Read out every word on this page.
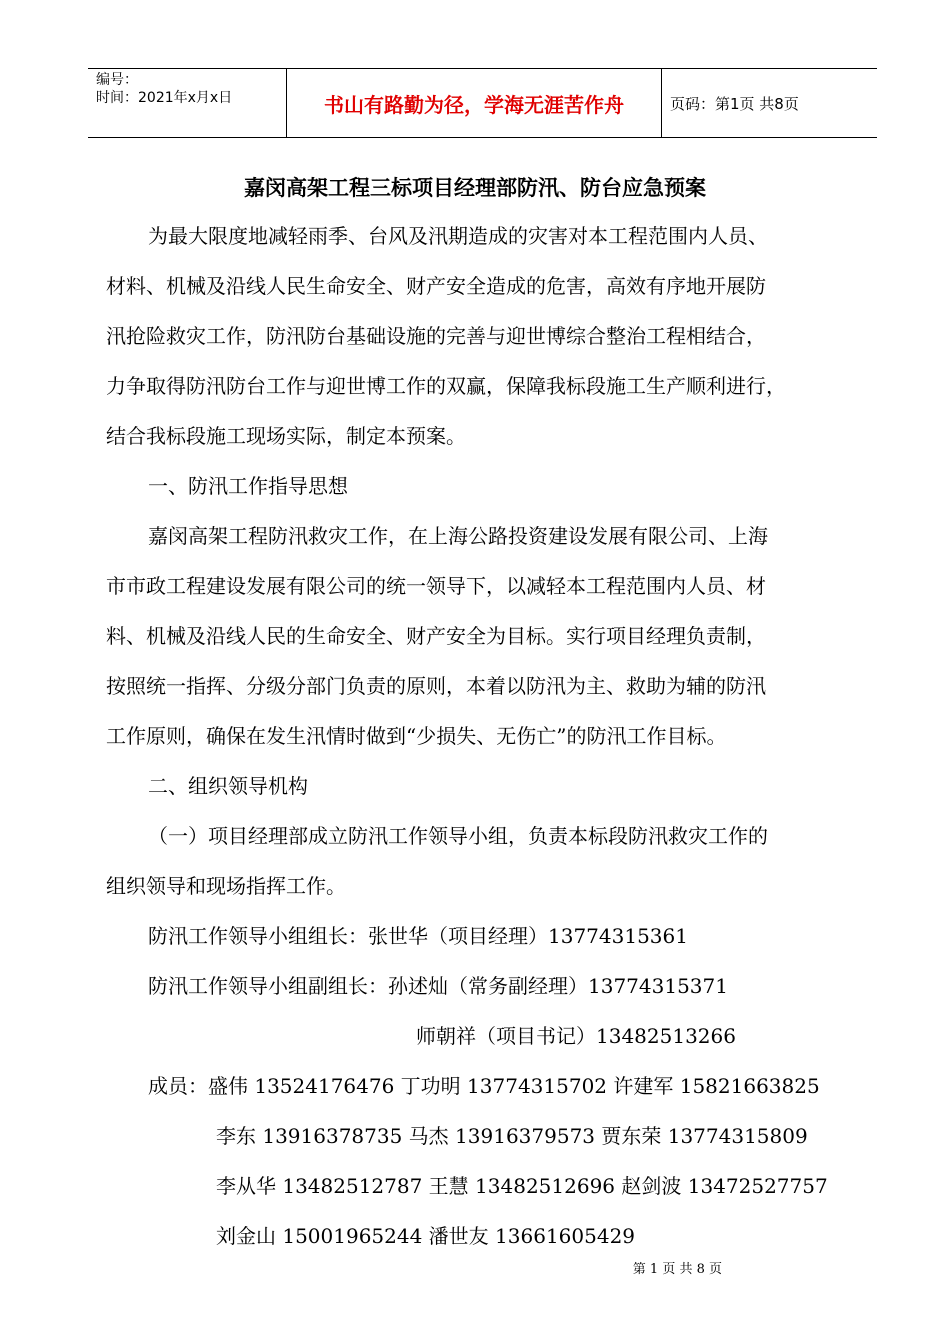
编号：
时间：2021年x月x日	书山有路勤为径，学海无涯苦作舟	页码：第1页 共8页
嘉闵高架工程三标项目经理部防汛、防台应急预案
为最大限度地减轻雨季、台风及汛期造成的灾害对本工程范围内人员、
材料、机械及沿线人民生命安全、财产安全造成的危害，高效有序地开展防
汛抢险救灾工作，防汛防台基础设施的完善与迎世博综合整治工程相结合，
力争取得防汛防台工作与迎世博工作的双赢，保障我标段施工生产顺利进行，
结合我标段施工现场实际，制定本预案。
一、防汛工作指导思想
嘉闵高架工程防汛救灾工作，在上海公路投资建设发展有限公司、上海
市市政工程建设发展有限公司的统一领导下，以减轻本工程范围内人员、材
料、机械及沿线人民的生命安全、财产安全为目标。实行项目经理负责制，
按照统一指挥、分级分部门负责的原则，本着以防汛为主、救助为辅的防汛
工作原则，确保在发生汛情时做到“少损失、无伤亡”的防汛工作目标。
二、组织领导机构
（一）项目经理部成立防汛工作领导小组，负责本标段防汛救灾工作的
组织领导和现场指挥工作。
防汛工作领导小组组长：张世华（项目经理）13774315361
防汛工作领导小组副组长：孙述灿（常务副经理）13774315371
师朝祥（项目书记）13482513266
成员：盛伟 13524176476 丁功明 13774315702 许建军 15821663825
李东 13916378735 马杰 13916379573 贾东荣 13774315809
李从华 13482512787 王慧 13482512696 赵剑波 13472527757
刘金山 15001965244 潘世友 13661605429
第 1 页 共 8 页
